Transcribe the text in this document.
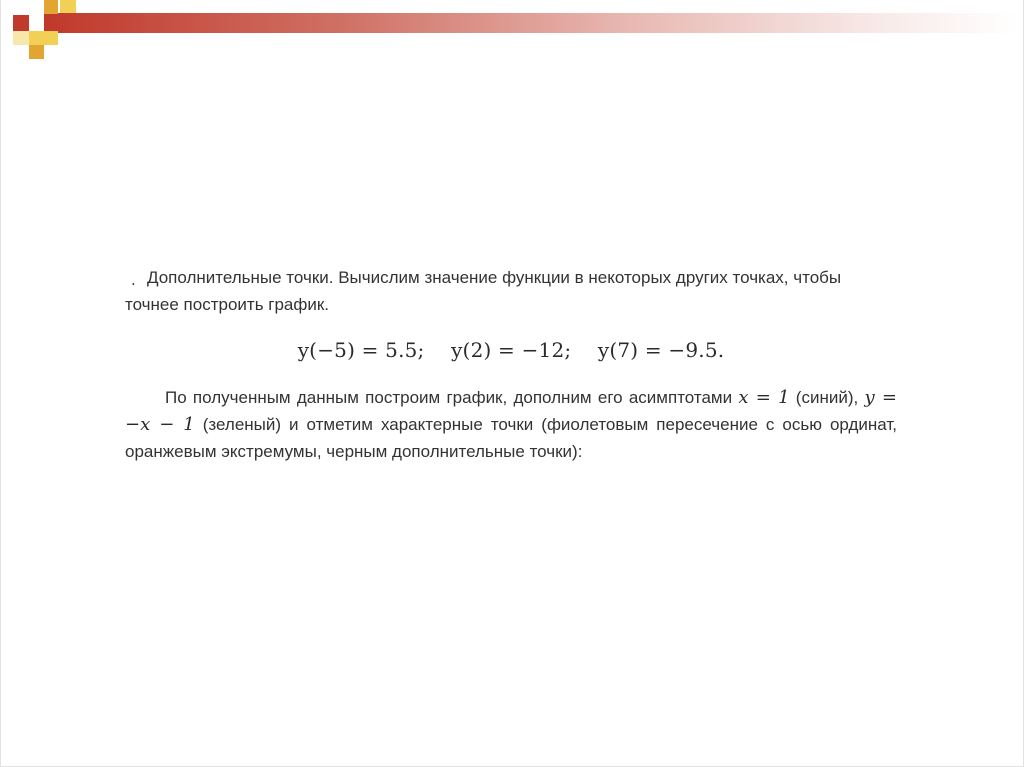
. Дополнительные точки. Вычислим значение функции в некоторых других точках, чтобы точнее построить график.

y(−5) = 5.5; y(2) = −12; y(7) = −9.5.

По полученным данным построим график, дополним его асимптотами x = 1 (синий), y = −x − 1 (зеленый) и отметим характерные точки (фиолетовым пересечение с осью ординат, оранжевым экстремумы, черным дополнительные точки):
